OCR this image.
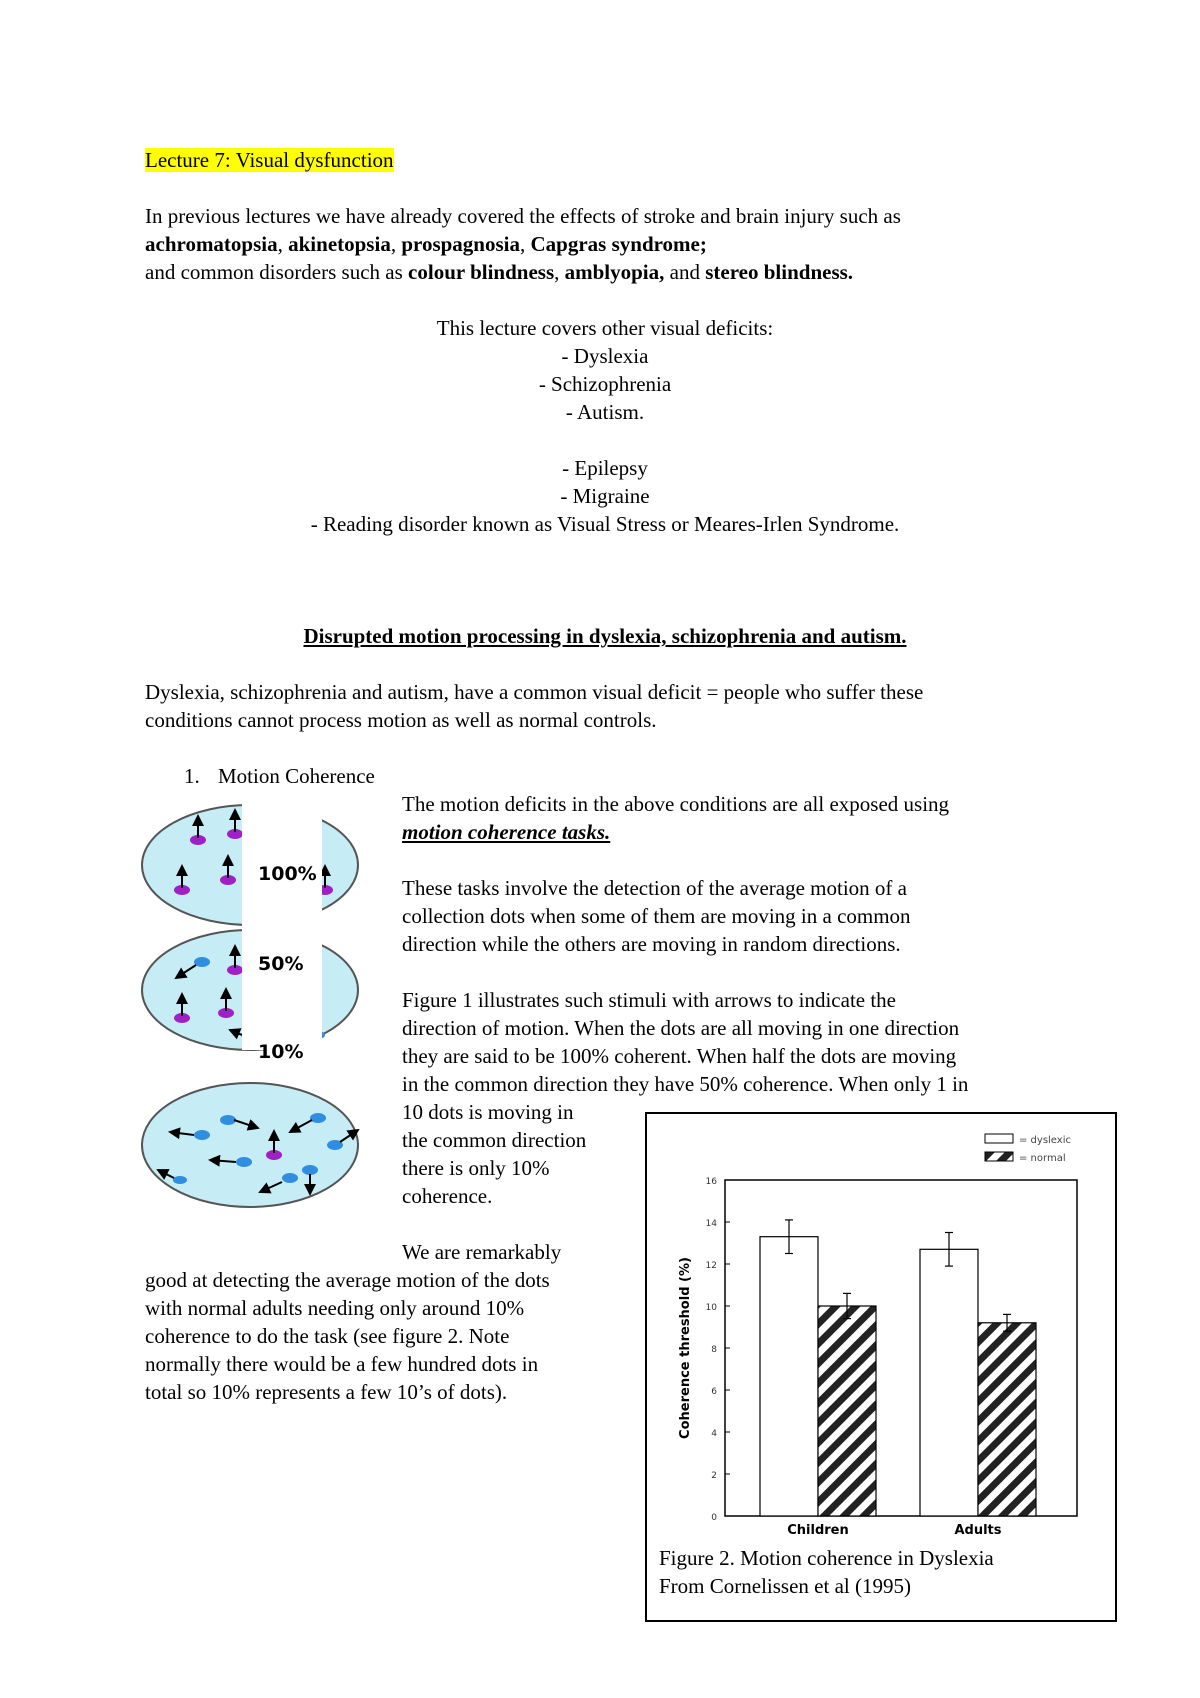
Lecture 7: Visual dysfunction
In previous lectures we have already covered the effects of stroke and brain injury such as
achromatopsia, akinetopsia, prospagnosia, Capgras syndrome;
and common disorders such as colour blindness, amblyopia, and stereo blindness.
This lecture covers other visual deficits:
- Dyslexia
- Schizophrenia
- Autism.
- Epilepsy
- Migraine
- Reading disorder known as Visual Stress or Meares-Irlen Syndrome.
Disrupted motion processing in dyslexia, schizophrenia and autism.
Dyslexia, schizophrenia and autism, have a common visual deficit = people who suffer these
conditions cannot process motion as well as normal controls.
1. Motion Coherence
The motion deficits in the above conditions are all exposed using
motion coherence tasks.
These tasks involve the detection of the average motion of a
collection dots when some of them are moving in a common
direction while the others are moving in random directions.
Figure 1 illustrates such stimuli with arrows to indicate the
direction of motion. When the dots are all moving in one direction
they are said to be 100% coherent. When half the dots are moving
in the common direction they have 50% coherence. When only 1 in
10 dots is moving in
the common direction
there is only 10%
coherence.
We are remarkably
good at detecting the average motion of the dots
with normal adults needing only around 10%
coherence to do the task (see figure 2. Note
normally there would be a few hundred dots in
total so 10% represents a few 10’s of dots).
100%
50%
10%
0
2
4
6
8
10
12
14
16
Coherence threshold (%)
Children	Adults
= dyslexic
= normal
Figure 2. Motion coherence in Dyslexia
From Cornelissen et al (1995)
